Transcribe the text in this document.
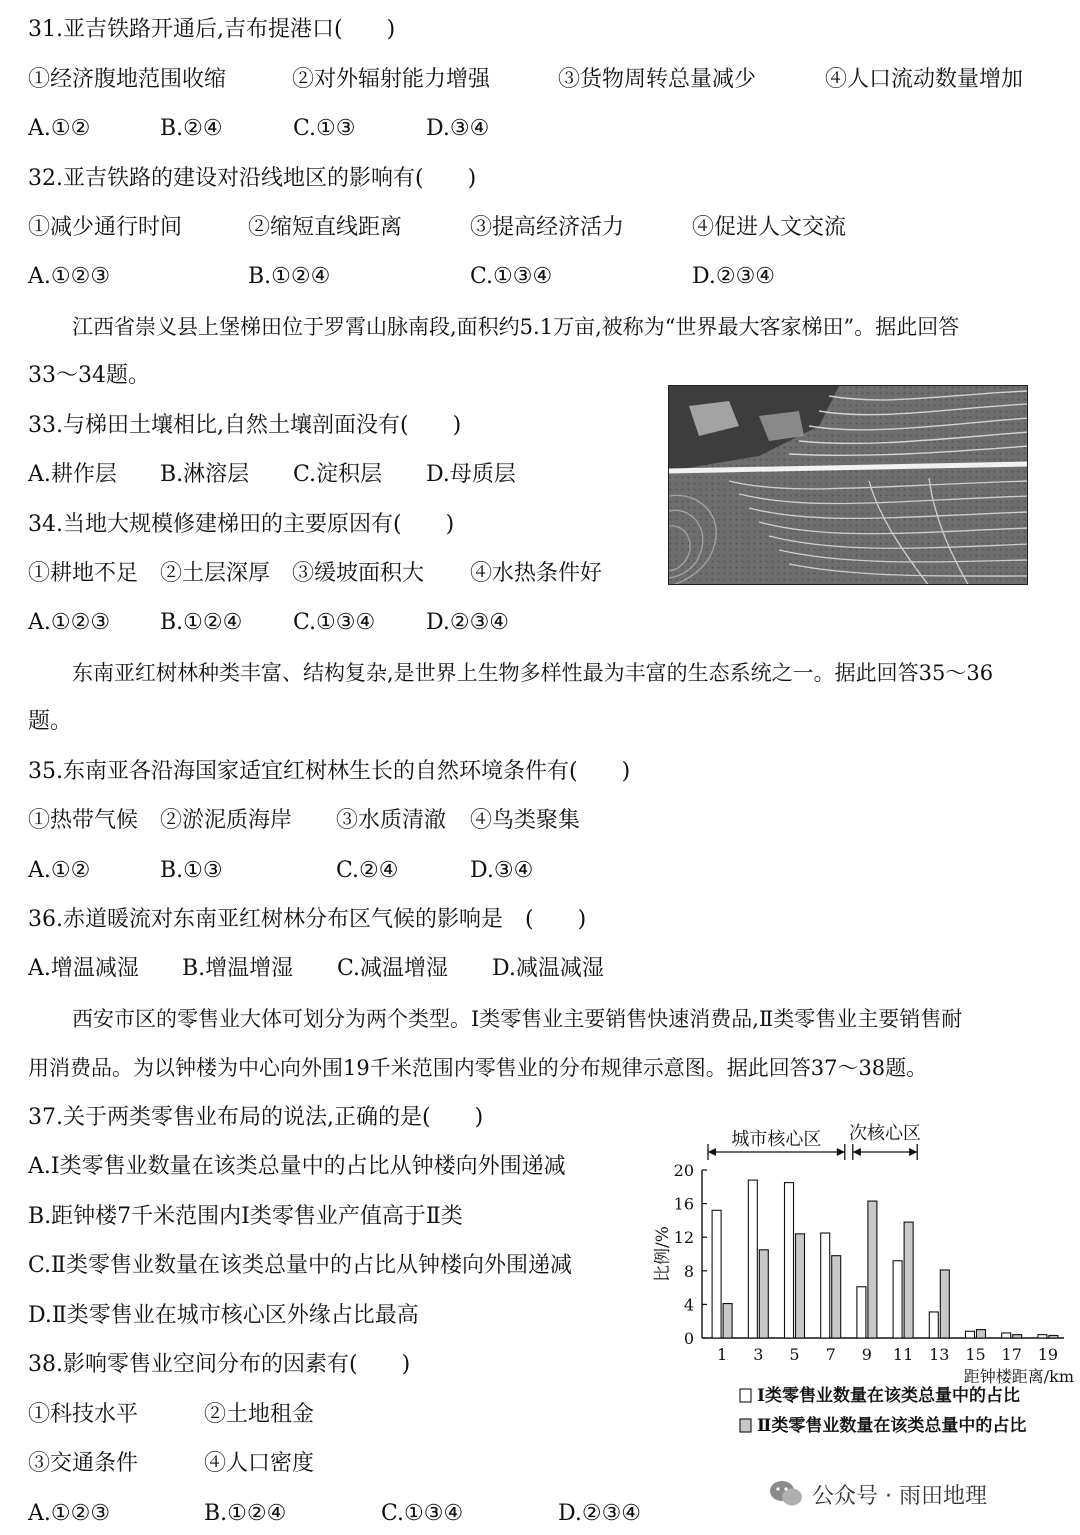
31.亚吉铁路开通后,吉布提港口(　　)
①经济腹地范围收缩	②对外辐射能力增强	③货物周转总量减少	④人口流动数量增加
A.①②	B.②④	C.①③	D.③④
32.亚吉铁路的建设对沿线地区的影响有(　　)
①减少通行时间	②缩短直线距离	③提高经济活力	④促进人文交流
A.①②③	B.①②④	C.①③④	D.②③④
江西省崇义县上堡梯田位于罗霄山脉南段,面积约5.1万亩,被称为“世界最大客家梯田”。据此回答
33～34题。
33.与梯田土壤相比,自然土壤剖面没有(　　)
A.耕作层 B.淋溶层 C.淀积层 D.母质层
34.当地大规模修建梯田的主要原因有(　　)
①耕地不足 ②土层深厚 ③缓坡面积大 ④水热条件好
A.①②③ B.①②④ C.①③④ D.②③④
东南亚红树林种类丰富、结构复杂,是世界上生物多样性最为丰富的生态系统之一。据此回答35～36
题。
35.东南亚各沿海国家适宜红树林生长的自然环境条件有(　　)
①热带气候 ②淤泥质海岸 ③水质清澈 ④鸟类聚集
A.①②	B.①③	C.②④	D.③④
36.赤道暖流对东南亚红树林分布区气候的影响是　(　　)
A.增温减湿 B.增温增湿 C.减温增湿 D.减温减湿
西安市区的零售业大体可划分为两个类型。Ⅰ类零售业主要销售快速消费品,Ⅱ类零售业主要销售耐
用消费品。为以钟楼为中心向外围19千米范围内零售业的分布规律示意图。据此回答37～38题。
37.关于两类零售业布局的说法,正确的是(　　)
A.Ⅰ类零售业数量在该类总量中的占比从钟楼向外围递减
B.距钟楼7千米范围内Ⅰ类零售业产值高于Ⅱ类
C.Ⅱ类零售业数量在该类总量中的占比从钟楼向外围递减
D.Ⅱ类零售业在城市核心区外缘占比最高
0
4
8
12
16
20
比例/%
1 3 5 7 9 11 13 15 17 19
距钟楼距离/km
城市核心区 次核心区
Ⅰ类零售业数量在该类总量中的占比
Ⅱ类零售业数量在该类总量中的占比
38.影响零售业空间分布的因素有(　　)
①科技水平	②土地租金
③交通条件	④人口密度
A.①②③	B.①②④	C.①③④	D.②③④
公众号 · 雨田地理
